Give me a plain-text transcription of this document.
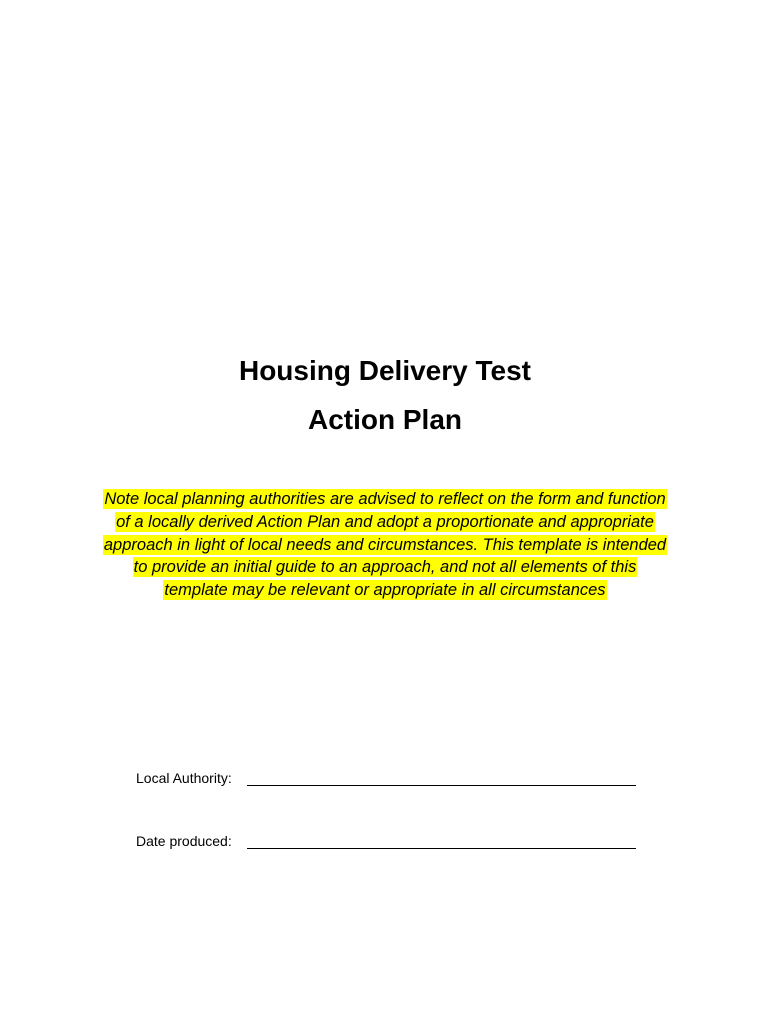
Housing Delivery Test
Action Plan
Note local planning authorities are advised to reflect on the form and function
of a locally derived Action Plan and adopt a proportionate and appropriate
approach in light of local needs and circumstances. This template is intended
to provide an initial guide to an approach, and not all elements of this
template may be relevant or appropriate in all circumstances
Local Authority:
Date produced:
